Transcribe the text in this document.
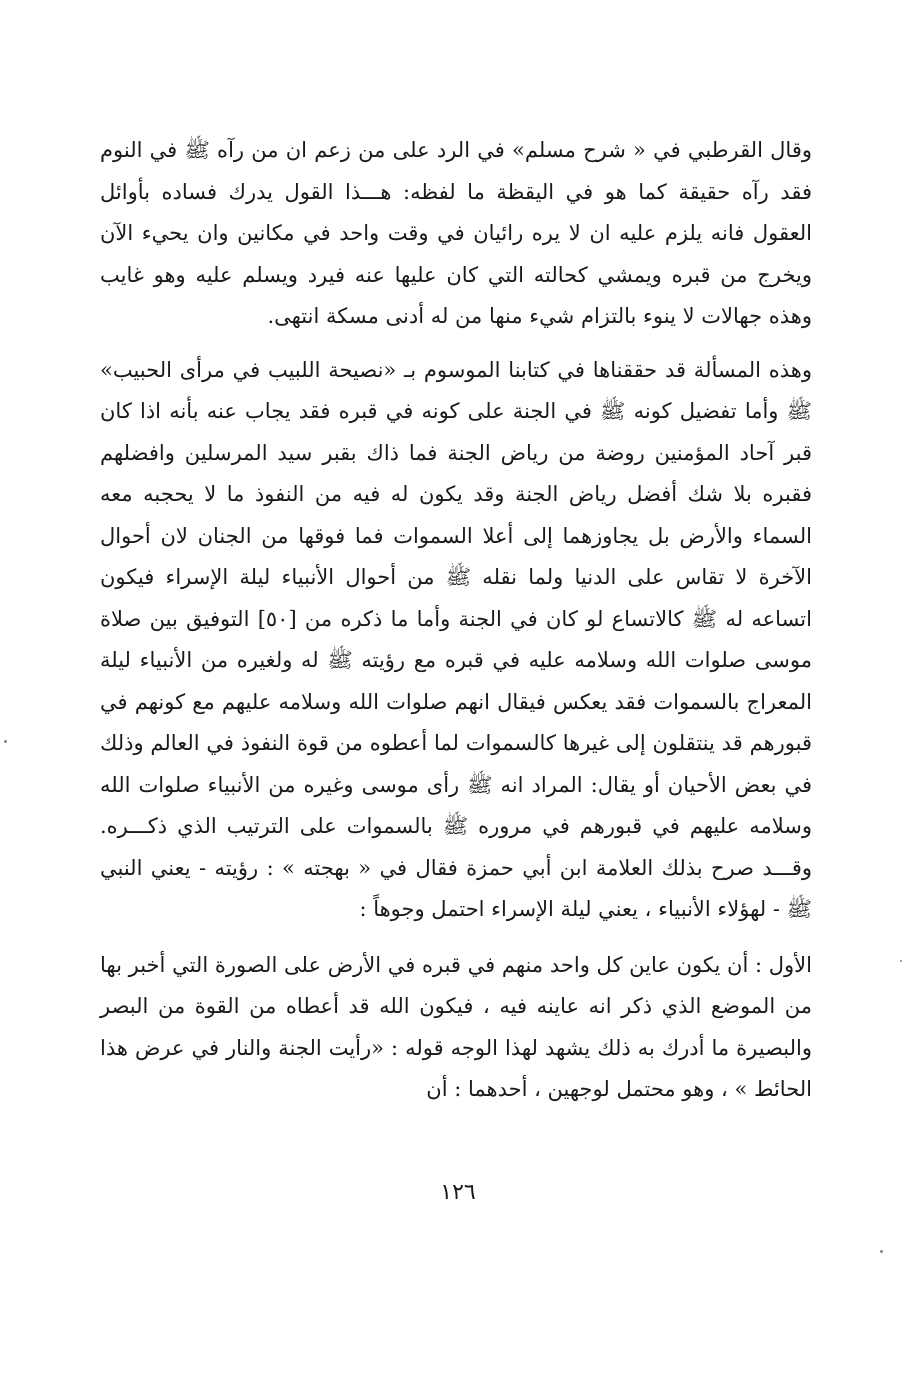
وقال القرطبي في « شرح مسلم» في الرد على من زعم ان من رآه ﷺ في النوم فقد رآه حقيقة كما هو في اليقظة ما لفظه: هـــذا القول يدرك فساده بأوائل العقول فانه يلزم عليه ان لا يره رائيان في وقت واحد في مكانين وان يحيء الآن ويخرج من قبره ويمشي كحالته التي كان عليها عنه فيرد ويسلم عليه وهو غايب وهذه جهالات لا ينوء بالتزام شيء منها من له أدنى مسكة انتهى.

وهذه المسألة قد حققناها في كتابنا الموسوم بـ «نصيحة اللبيب في مرأى الحبيب» ﷺ وأما تفضيل كونه ﷺ في الجنة على كونه في قبره فقد يجاب عنه بأنه اذا كان قبر آحاد المؤمنين روضة من رياض الجنة فما ذاك بقبر سيد المرسلين وافضلهم فقبره بلا شك أفضل رياض الجنة وقد يكون له فيه من النفوذ ما لا يحجبه معه السماء والأرض بل يجاوزهما إلى أعلا السموات فما فوقها من الجنان لان أحوال الآخرة لا تقاس على الدنيا ولما نقله ﷺ من أحوال الأنبياء ليلة الإسراء فيكون اتساعه له ﷺ كالاتساع لو كان في الجنة وأما ما ذكره من [٥٠] التوفيق بين صلاة موسى صلوات الله وسلامه عليه في قبره مع رؤيته ﷺ له ولغيره من الأنبياء ليلة المعراج بالسموات فقد يعكس فيقال انهم صلوات الله وسلامه عليهم مع كونهم في قبورهم قد ينتقلون إلى غيرها كالسموات لما أعطوه من قوة النفوذ في العالم وذلك في بعض الأحيان أو يقال: المراد انه ﷺ رأى موسى وغيره من الأنبياء صلوات الله وسلامه عليهم في قبورهم في مروره ﷺ بالسموات على الترتيب الذي ذكـــره. وقـــد صرح بذلك العلامة ابن أبي حمزة فقال في « بهجته » : رؤيته - يعني النبي ﷺ - لهؤلاء الأنبياء ، يعني ليلة الإسراء احتمل وجوهاً :

الأول : أن يكون عاين كل واحد منهم في قبره في الأرض على الصورة التي أخبر بها من الموضع الذي ذكر انه عاينه فيه ، فيكون الله قد أعطاه من القوة من البصر والبصيرة ما أدرك به ذلك يشهد لهذا الوجه قوله : «رأيت الجنة والنار في عرض هذا الحائط » ، وهو محتمل لوجهين ، أحدهما : أن

١٢٦
